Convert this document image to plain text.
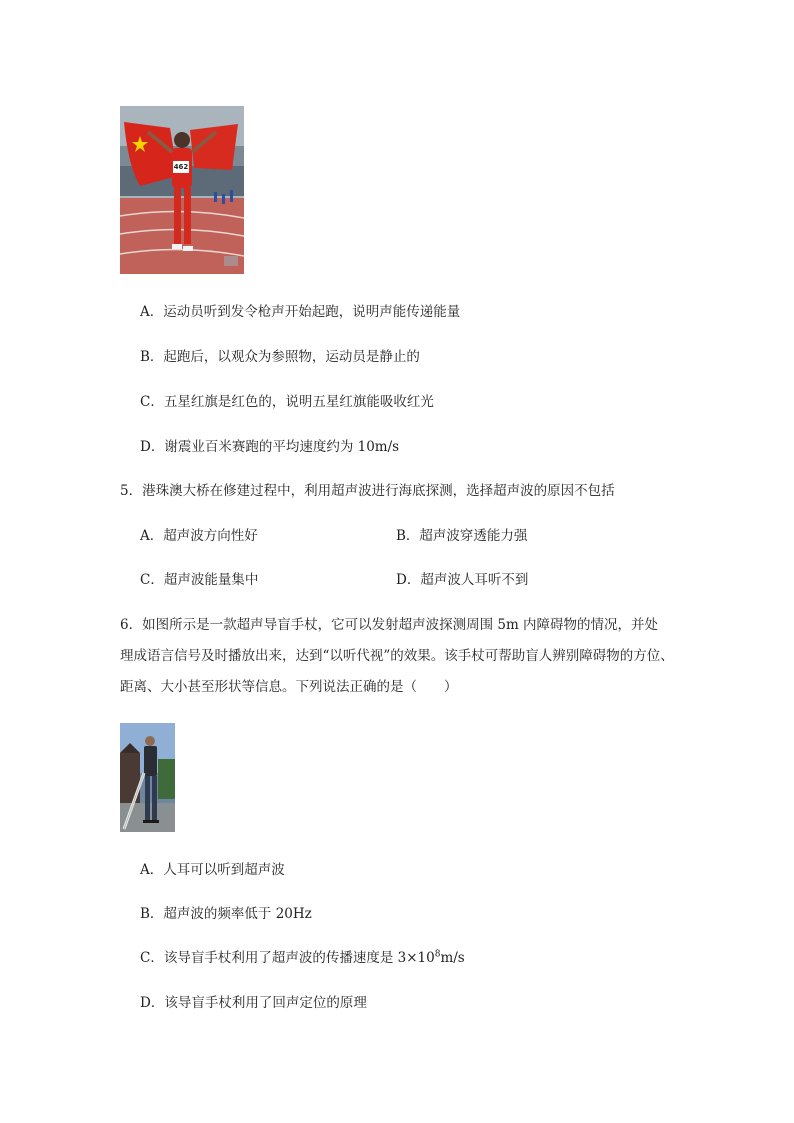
462
A．运动员听到发令枪声开始起跑，说明声能传递能量
B．起跑后，以观众为参照物，运动员是静止的
C．五星红旗是红色的，说明五星红旗能吸收红光
D．谢震业百米赛跑的平均速度约为 10m/s
5．港珠澳大桥在修建过程中，利用超声波进行海底探测，选择超声波的原因不包括
A．超声波方向性好	B．超声波穿透能力强
C．超声波能量集中	D．超声波人耳听不到
6．如图所示是一款超声导盲手杖，它可以发射超声波探测周围 5m 内障碍物的情况，并处
理成语言信号及时播放出来，达到“以听代视”的效果。该手杖可帮助盲人辨别障碍物的方位、
距离、大小甚至形状等信息。下列说法正确的是（　　）
A．人耳可以听到超声波
B．超声波的频率低于 20Hz
C．该导盲手杖利用了超声波的传播速度是 $3\times 10^8m/s$
D．该导盲手杖利用了回声定位的原理
